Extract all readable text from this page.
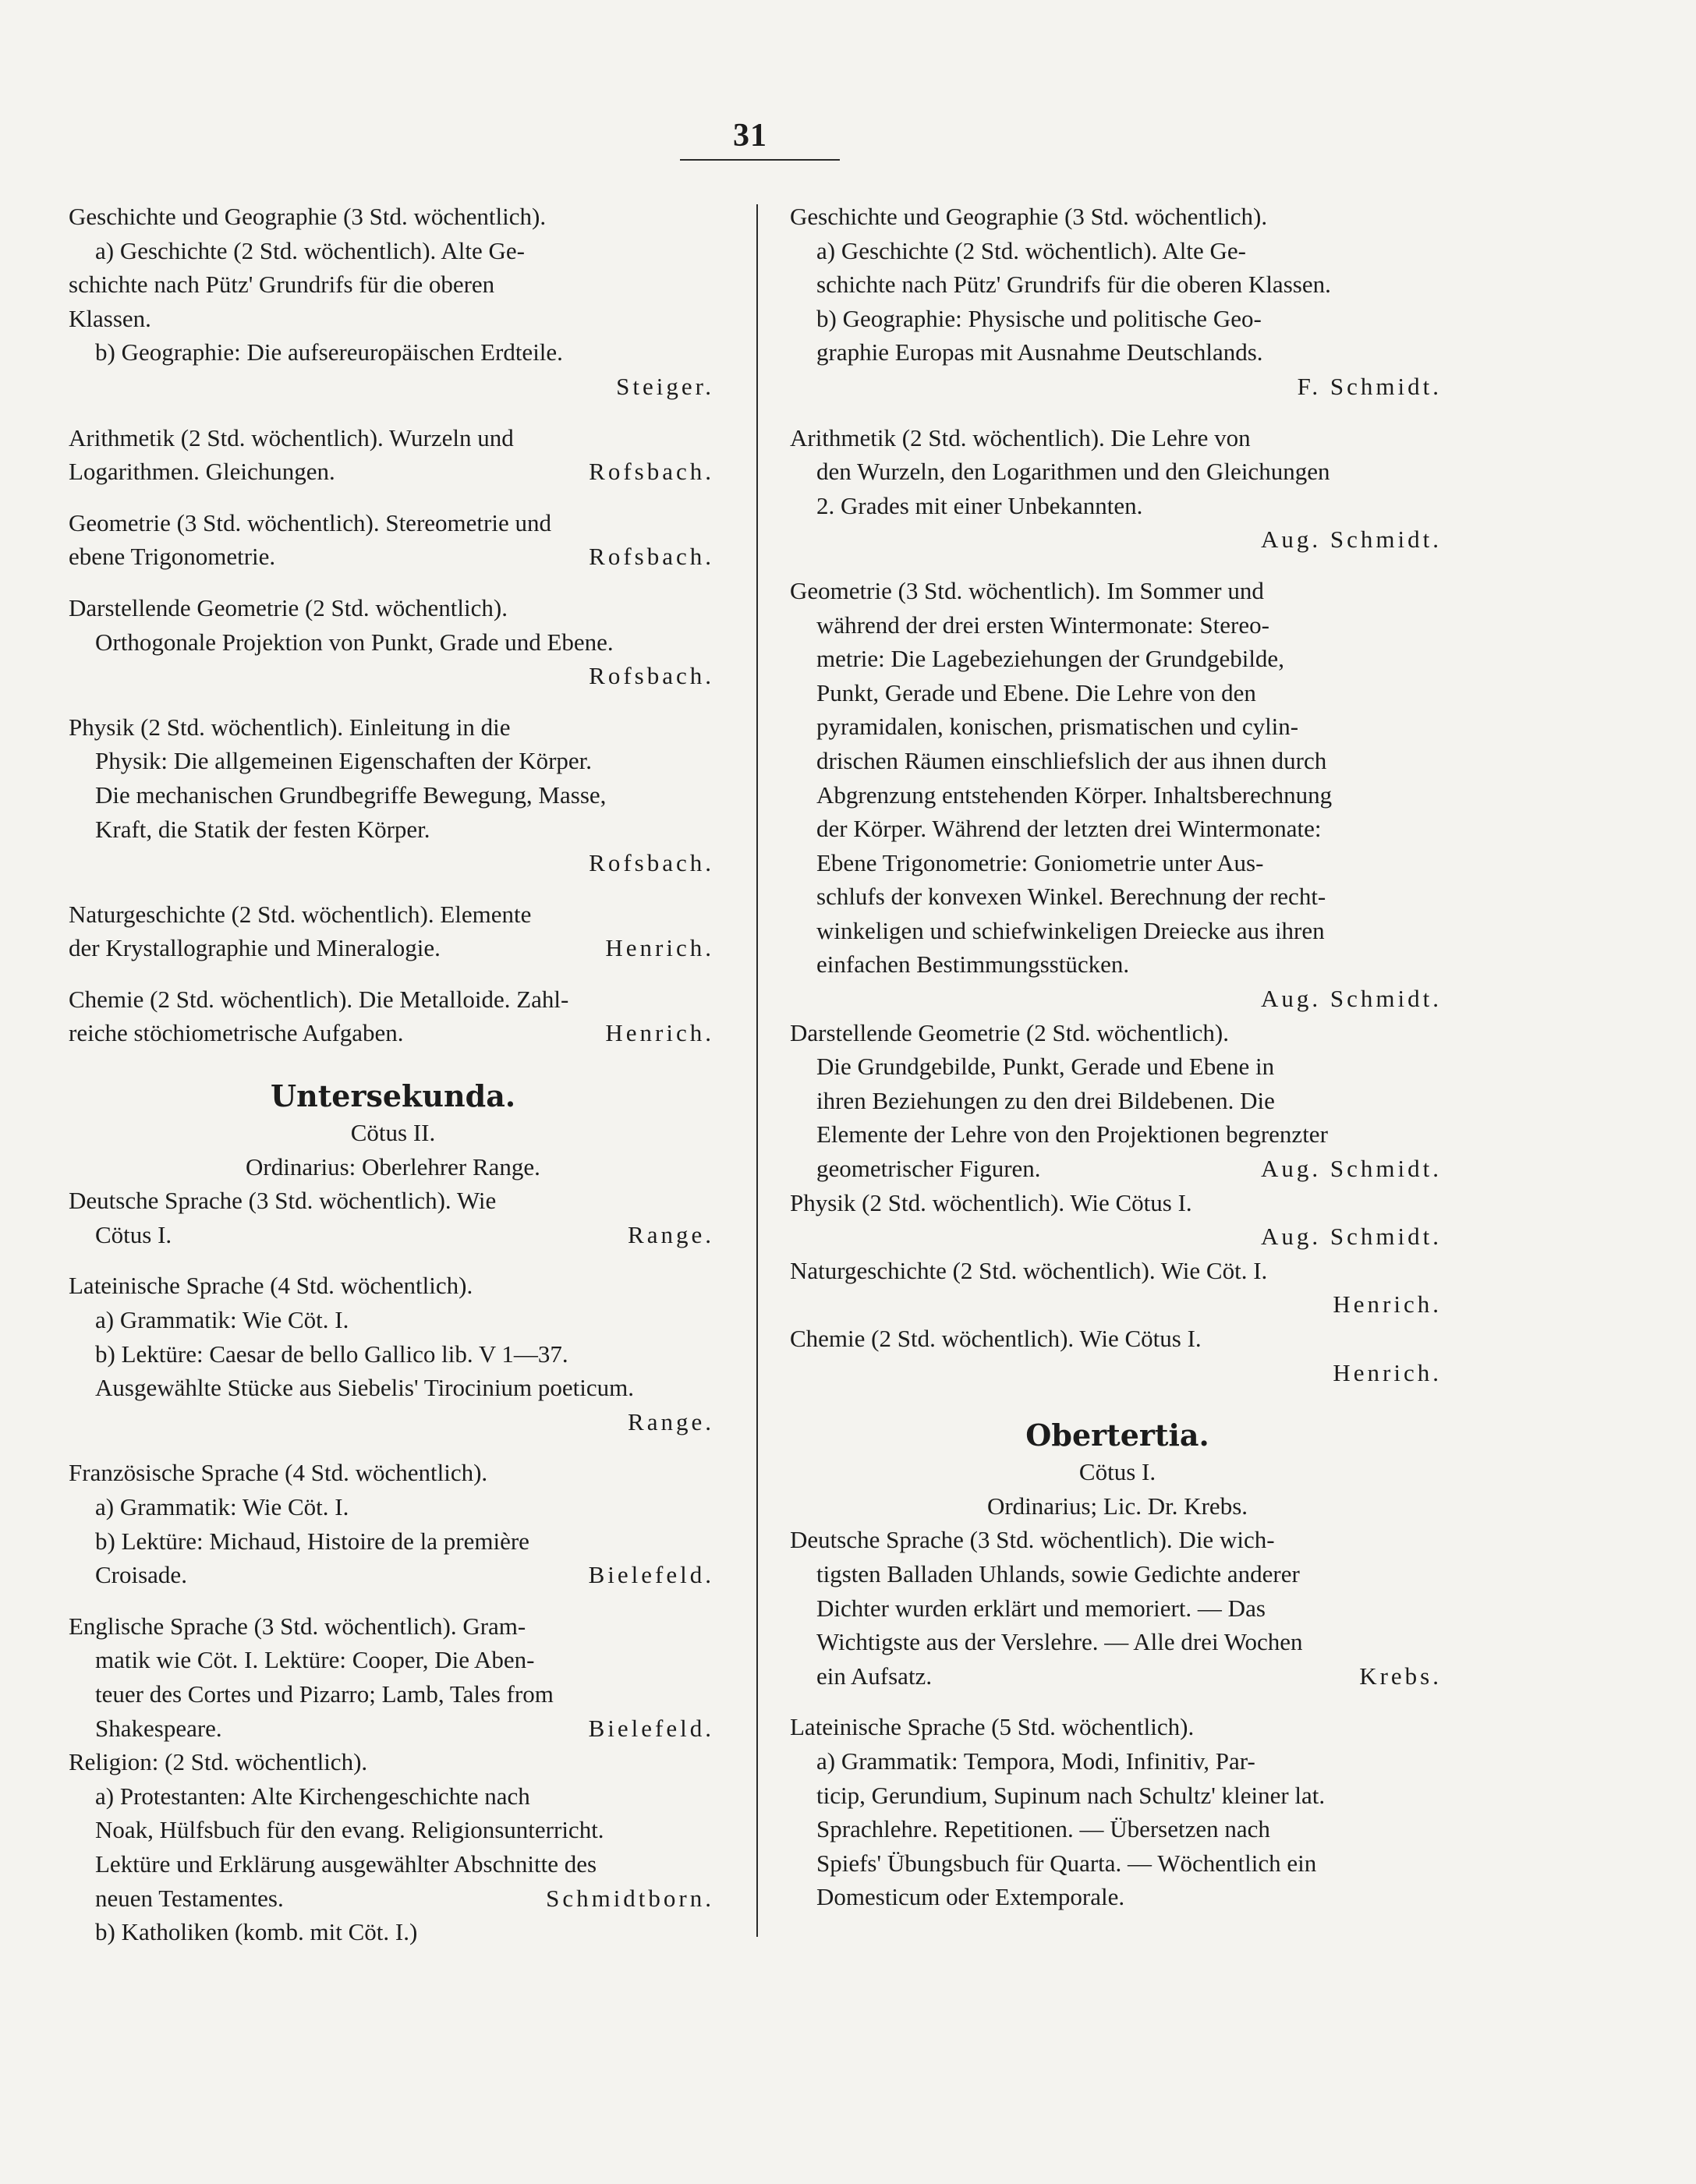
31
Geschichte und Geographie (3 Std. wöchentlich).
a) Geschichte (2 Std. wöchentlich). Alte Ge-
schichte nach Pütz' Grundrifs für die oberen
Klassen.
b) Geographie: Die aufsereuropäischen Erdteile.
Steiger.
Arithmetik (2 Std. wöchentlich). Wurzeln und
Logarithmen. Gleichungen.	Rofsbach.
Geometrie (3 Std. wöchentlich). Stereometrie und
ebene Trigonometrie.	Rofsbach.
Darstellende Geometrie (2 Std. wöchentlich).
Orthogonale Projektion von Punkt, Grade und Ebene.
Rofsbach.
Physik (2 Std. wöchentlich). Einleitung in die
Physik: Die allgemeinen Eigenschaften der Körper.
Die mechanischen Grundbegriffe Bewegung, Masse,
Kraft, die Statik der festen Körper.
Rofsbach.
Naturgeschichte (2 Std. wöchentlich). Elemente
der Krystallographie und Mineralogie.	Henrich.
Chemie (2 Std. wöchentlich). Die Metalloide. Zahl-
reiche stöchiometrische Aufgaben.	Henrich.
Untersekunda.
Cötus II.
Ordinarius: Oberlehrer Range.
Deutsche Sprache (3 Std. wöchentlich). Wie
Cötus I.	Range.
Lateinische Sprache (4 Std. wöchentlich).
a) Grammatik: Wie Cöt. I.
b) Lektüre: Caesar de bello Gallico lib. V 1—37.
Ausgewählte Stücke aus Siebelis' Tirocinium poeticum.
Range.
Französische Sprache (4 Std. wöchentlich).
a) Grammatik: Wie Cöt. I.
b) Lektüre: Michaud, Histoire de la première
Croisade.	Bielefeld.
Englische Sprache (3 Std. wöchentlich). Gram-
matik wie Cöt. I. Lektüre: Cooper, Die Aben-
teuer des Cortes und Pizarro; Lamb, Tales from
Shakespeare.	Bielefeld.
Religion: (2 Std. wöchentlich).
a) Protestanten: Alte Kirchengeschichte nach
Noak, Hülfsbuch für den evang. Religionsunterricht.
Lektüre und Erklärung ausgewählter Abschnitte des
neuen Testamentes.	Schmidtborn.
b) Katholiken (komb. mit Cöt. I.)
Geschichte und Geographie (3 Std. wöchentlich).
a) Geschichte (2 Std. wöchentlich). Alte Ge-
schichte nach Pütz' Grundrifs für die oberen Klassen.
b) Geographie: Physische und politische Geo-
graphie Europas mit Ausnahme Deutschlands.
F. Schmidt.
Arithmetik (2 Std. wöchentlich). Die Lehre von
den Wurzeln, den Logarithmen und den Gleichungen
2. Grades mit einer Unbekannten.
Aug. Schmidt.
Geometrie (3 Std. wöchentlich). Im Sommer und
während der drei ersten Wintermonate: Stereo-
metrie: Die Lagebeziehungen der Grundgebilde,
Punkt, Gerade und Ebene. Die Lehre von den
pyramidalen, konischen, prismatischen und cylin-
drischen Räumen einschliefslich der aus ihnen durch
Abgrenzung entstehenden Körper. Inhaltsberechnung
der Körper. Während der letzten drei Wintermonate:
Ebene Trigonometrie: Goniometrie unter Aus-
schlufs der konvexen Winkel. Berechnung der recht-
winkeligen und schiefwinkeligen Dreiecke aus ihren
einfachen Bestimmungsstücken.
Aug. Schmidt.
Darstellende Geometrie (2 Std. wöchentlich).
Die Grundgebilde, Punkt, Gerade und Ebene in
ihren Beziehungen zu den drei Bildebenen. Die
Elemente der Lehre von den Projektionen begrenzter
geometrischer Figuren.	Aug. Schmidt.
Physik (2 Std. wöchentlich). Wie Cötus I.
Aug. Schmidt.
Naturgeschichte (2 Std. wöchentlich). Wie Cöt. I.
Henrich.
Chemie (2 Std. wöchentlich). Wie Cötus I.
Henrich.
Obertertia.
Cötus I.
Ordinarius; Lic. Dr. Krebs.
Deutsche Sprache (3 Std. wöchentlich). Die wich-
tigsten Balladen Uhlands, sowie Gedichte anderer
Dichter wurden erklärt und memoriert. — Das
Wichtigste aus der Verslehre. — Alle drei Wochen
ein Aufsatz.	Krebs.
Lateinische Sprache (5 Std. wöchentlich).
a) Grammatik: Tempora, Modi, Infinitiv, Par-
ticip, Gerundium, Supinum nach Schultz' kleiner lat.
Sprachlehre. Repetitionen. — Übersetzen nach
Spiefs' Übungsbuch für Quarta. — Wöchentlich ein
Domesticum oder Extemporale.
